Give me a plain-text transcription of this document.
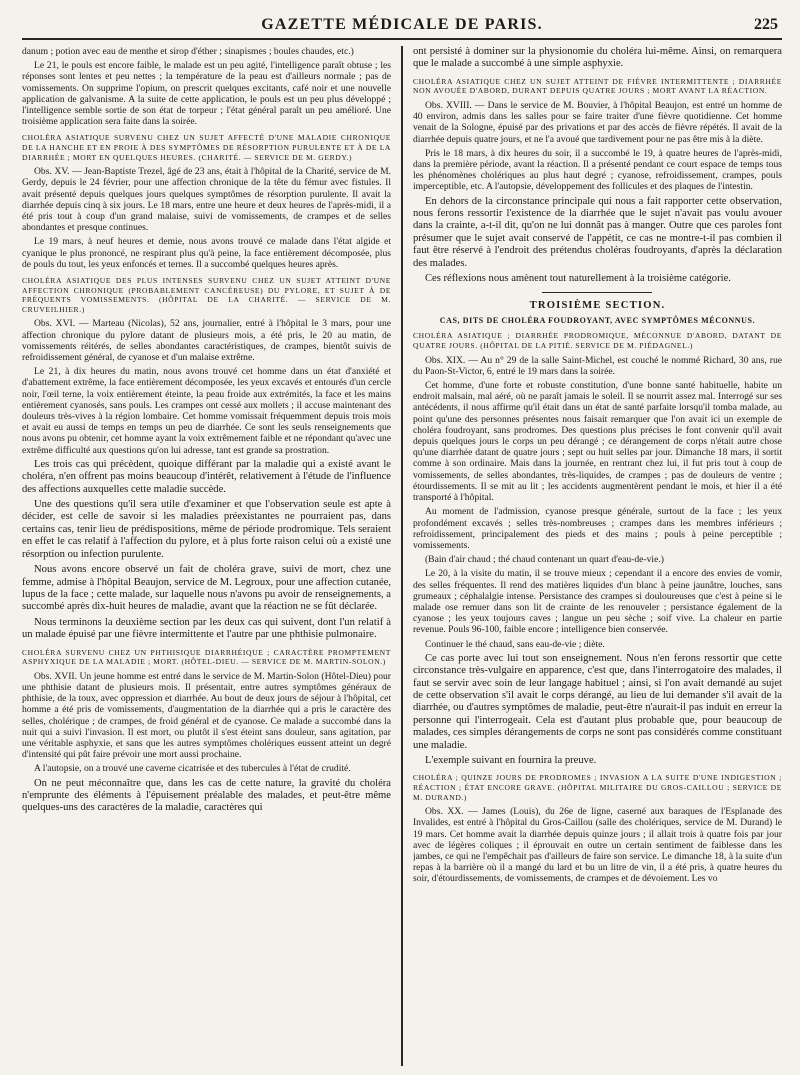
GAZETTE MÉDICALE DE PARIS.	225

danum ; potion avec eau de menthe et sirop d'éther ; sinapismes ; boules chaudes, etc.)

Le 21, le pouls est encore faible, le malade est un peu agité, l'intelligence paraît obtuse ; les réponses sont lentes et peu nettes ; la température de la peau est d'ailleurs normale ; pas de vomissements. On supprime l'opium, on prescrit quelques excitants, café noir et une nouvelle application de galvanisme. A la suite de cette application, le pouls est un peu plus développé ; l'intelligence semble sortie de son état de torpeur ; l'état général paraît un peu amélioré. Une troisième application sera faite dans la soirée.

CHOLÉRA ASIATIQUE SURVENU CHEZ UN SUJET AFFECTÉ D'UNE MALADIE CHRONIQUE DE LA HANCHE ET EN PROIE À DES SYMPTÔMES DE RÉSORPTION PURULENTE ET À DE LA DIARRHÉE ; MORT EN QUELQUES HEURES. (CHARITÉ. — SERVICE DE M. GERDY.)

Obs. XV. — Jean-Baptiste Trezel, âgé de 23 ans, était à l'hôpital de la Charité, service de M. Gerdy, depuis le 24 février, pour une affection chronique de la tête du fémur avec fistules. Il avait présenté depuis quelques jours quelques symptômes de résorption purulente. Il avait la diarrhée depuis cinq à six jours. Le 18 mars, entre une heure et deux heures de l'après-midi, il a été pris tout à coup d'un grand malaise, suivi de vomissements, de crampes et de selles abondantes et presque continues.

Le 19 mars, à neuf heures et demie, nous avons trouvé ce malade dans l'état algide et cyanique le plus prononcé, ne respirant plus qu'à peine, la face entièrement décomposée, plus de pouls du tout, les yeux enfoncés et ternes. Il a succombé quelques heures après.

CHOLÉRA ASIATIQUE DES PLUS INTENSES SURVENU CHEZ UN SUJET ATTEINT D'UNE AFFECTION CHRONIQUE (PROBABLEMENT CANCÉREUSE) DU PYLORE, ET SUJET À DE FRÉQUENTS VOMISSEMENTS. (HÔPITAL DE LA CHARITÉ. — SERVICE DE M. CRUVEILHIER.)

Obs. XVI. — Marteau (Nicolas), 52 ans, journalier, entré à l'hôpital le 3 mars, pour une affection chronique du pylore datant de plusieurs mois, a été pris, le 20 au matin, de vomissements réitérés, de selles abondantes caractéristiques, de crampes, bientôt suivis de refroidissement général, de cyanose et d'un malaise extrême.

Le 21, à dix heures du matin, nous avons trouvé cet homme dans un état d'anxiété et d'abattement extrême, la face entièrement décomposée, les yeux excavés et entourés d'un cercle noir, l'œil terne, la voix entièrement éteinte, la peau froide aux extrémités, la face et les mains entièrement cyanosés, sans pouls. Les crampes ont cessé aux mollets ; il accuse maintenant des douleurs très-vives à la région lombaire. Cet homme vomissait fréquemment depuis trois mois et avait eu aussi de temps en temps un peu de diarrhée. Ce sont les seuls renseignements que nous avons pu obtenir, cet homme ayant la voix extrêmement faible et ne répondant qu'avec une extrême difficulté aux questions qu'on lui adresse, tant est grande sa prostration.

Les trois cas qui précèdent, quoique différant par la maladie qui a existé avant le choléra, n'en offrent pas moins beaucoup d'intérêt, relativement à l'étude de l'influence des affections auxquelles cette maladie succède.

Une des questions qu'il sera utile d'examiner et que l'observation seule est apte à décider, est celle de savoir si les maladies préexistantes ne pourraient pas, dans certains cas, tenir lieu de prédispositions, même de période prodromique. Tels seraient en effet le cas relatif à l'affection du pylore, et à plus forte raison celui où a existé une résorption ou infection purulente.

Nous avons encore observé un fait de choléra grave, suivi de mort, chez une femme, admise à l'hôpital Beaujon, service de M. Legroux, pour une affection cutanée, lupus de la face ; cette malade, sur laquelle nous n'avons pu avoir de renseignements, a succombé après dix-huit heures de maladie, avant que la réaction ne se fût déclarée.

Nous terminons la deuxième section par les deux cas qui suivent, dont l'un relatif à un malade épuisé par une fièvre intermittente et l'autre par une phthisie pulmonaire.

CHOLÉRA SURVENU CHEZ UN PHTHISIQUE DIARRHÉIQUE ; CARACTÈRE PROMPTEMENT ASPHYXIQUE DE LA MALADIE ; MORT. (HÔTEL-DIEU. — SERVICE DE M. MARTIN-SOLON.)

Obs. XVII. Un jeune homme est entré dans le service de M. Martin-Solon (Hôtel-Dieu) pour une phthisie datant de plusieurs mois. Il présentait, entre autres symptômes généraux de phthisie, de la toux, avec oppression et diarrhée. Au bout de deux jours de séjour à l'hôpital, cet homme a été pris de vomissements, d'augmentation de la diarrhée qui a pris le caractère des selles, cholérique ; de crampes, de froid général et de cyanose. Ce malade a succombé dans la nuit qui a suivi l'invasion. Il est mort, ou plutôt il s'est éteint sans douleur, sans agitation, par une véritable asphyxie, et sans que les autres symptômes cholériques eussent atteint un degré d'intensité qui pût faire prévoir une mort aussi prochaine.

A l'autopsie, on a trouvé une caverne cicatrisée et des tubercules à l'état de crudité.

On ne peut méconnaître que, dans les cas de cette nature, la gravité du choléra n'emprunte des éléments à l'épuisement préalable des malades, et peut-être même quelques-uns des caractères de la maladie, caractères qui

ont persisté à dominer sur la physionomie du choléra lui-même. Ainsi, on remarquera que le malade a succombé à une simple asphyxie.

CHOLÉRA ASIATIQUE CHEZ UN SUJET ATTEINT DE FIÈVRE INTERMITTENTE ; DIARRHÉE NON AVOUÉE D'ABORD, DURANT DEPUIS QUATRE JOURS ; MORT AVANT LA RÉACTION.

Obs. XVIII. — Dans le service de M. Bouvier, à l'hôpital Beaujon, est entré un homme de 40 environ, admis dans les salles pour se faire traiter d'une fièvre quotidienne. Cet homme venait de la Sologne, épuisé par des privations et par des accès de fièvre répétés. Il avait de la diarrhée depuis quatre jours, et ne l'a avoué que tardivement pour ne pas être mis à la diète.

Pris le 18 mars, à dix heures du soir, il a succombé le 19, à quatre heures de l'après-midi, dans la première période, avant la réaction. Il a présenté pendant ce court espace de temps tous les phénomènes cholériques au plus haut degré ; cyanose, refroidissement, crampes, pouls imperceptible, etc. A l'autopsie, développement des follicules et des plaques de l'intestin.

En dehors de la circonstance principale qui nous a fait rapporter cette observation, nous ferons ressortir l'existence de la diarrhée que le sujet n'avait pas voulu avouer dans la crainte, a-t-il dit, qu'on ne lui donnât pas à manger. Outre que ces paroles font présumer que le sujet avait conservé de l'appétit, ce cas ne montre-t-il pas combien il faut être réservé à l'endroit des prétendus choléras foudroyants, d'après la déclaration des malades.

Ces réflexions nous amènent tout naturellement à la troisième catégorie.

TROISIÈME SECTION.
CAS, DITS DE CHOLÉRA FOUDROYANT, AVEC SYMPTÔMES MÉCONNUS.
CHOLÉRA ASIATIQUE ; DIARRHÉE PRODROMIQUE, MÉCONNUE D'ABORD, DATANT DE QUATRE JOURS. (HÔPITAL DE LA PITIÉ. SERVICE DE M. PIÉDAGNEL.)

Obs. XIX. — Au n° 29 de la salle Saint-Michel, est couché le nommé Richard, 30 ans, rue du Paon-St-Victor, 6, entré le 19 mars dans la soirée.

Cet homme, d'une forte et robuste constitution, d'une bonne santé habituelle, habite un endroit malsain, mal aéré, où ne paraît jamais le soleil. Il se nourrit assez mal. Interrogé sur ses antécédents, il nous affirme qu'il était dans un état de santé parfaite lorsqu'il tomba malade, au point qu'une des personnes présentes nous faisait remarquer que l'on avait ici un exemple de choléra foudroyant, sans prodromes. Des questions plus précises le font convenir qu'il avait depuis quelques jours le corps un peu dérangé ; ce dérangement de corps n'était autre chose qu'une diarrhée datant de quatre jours ; sept ou huit selles par jour. Dimanche 18 mars, il sortit comme à son ordinaire. Mais dans la journée, en rentrant chez lui, il fut pris tout à coup de vomissements, de selles abondantes, très-liquides, de crampes ; pas de douleurs de ventre ; étourdissements. Il se mit au lit ; les accidents augmentèrent pendant le mois, et hier il a été transporté à l'hôpital.

Au moment de l'admission, cyanose presque générale, surtout de la face ; les yeux profondément excavés ; selles très-nombreuses ; crampes dans les membres inférieurs ; refroidissement, principalement des pieds et des mains ; pouls à peine perceptible ; vomissements.

(Bain d'air chaud ; thé chaud contenant un quart d'eau-de-vie.)

Le 20, à la visite du matin, il se trouve mieux ; cependant il a encore des envies de vomir, des selles fréquentes. Il rend des matières liquides d'un blanc à peine jaunâtre, louches, sans grumeaux ; céphalalgie intense. Persistance des crampes si douloureuses que c'est à peine si le malade ose remuer dans son lit de crainte de les renouveler ; persistance également de la cyanose ; les yeux toujours caves ; langue un peu sèche ; soif vive. La chaleur en partie revenue. Pouls 96-100, faible encore ; intelligence bien conservée.

Continuer le thé chaud, sans eau-de-vie ; diète.

Ce cas porte avec lui tout son enseignement. Nous n'en ferons ressortir que cette circonstance très-vulgaire en apparence, c'est que, dans l'interrogatoire des malades, il faut se servir avec soin de leur langage habituel ; ainsi, si l'on avait demandé au sujet de cette observation s'il avait le corps dérangé, au lieu de lui demander s'il avait de la diarrhée, ou d'autres symptômes de maladie, peut-être n'aurait-il pas induit en erreur la personne qui l'interrogeait. Cela est d'autant plus probable que, pour beaucoup de malades, ces simples dérangements de corps ne sont pas considérés comme constituant une maladie.

L'exemple suivant en fournira la preuve.

CHOLÉRA ; QUINZE JOURS DE PRODROMES ; INVASION A LA SUITE D'UNE INDIGESTION ; RÉACTION ; ÉTAT ENCORE GRAVE. (HÔPITAL MILITAIRE DU GROS-CAILLOU ; SERVICE DE M. DURAND.)

Obs. XX. — James (Louis), du 26e de ligne, caserné aux baraques de l'Esplanade des Invalides, est entré à l'hôpital du Gros-Caillou (salle des cholériques, service de M. Durand) le 19 mars. Cet homme avait la diarrhée depuis quinze jours ; il allait trois à quatre fois par jour avec de légères coliques ; il éprouvait en outre un certain sentiment de faiblesse dans les jambes, ce qui ne l'empêchait pas d'ailleurs de faire son service. Le dimanche 18, à la suite d'un repas à la barrière où il a mangé du lard et bu un litre de vin, il a été pris, à quatre heures du soir, d'étourdissements, de vomissements, de crampes et de dévoiement. Les vo
